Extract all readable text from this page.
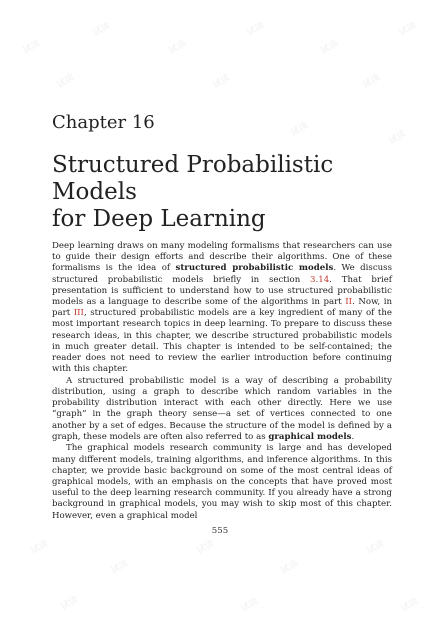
试读
试读
试读
试读
试读
试读
试读	试读	试读
试读	试读
试读
试读
试读
试读
试读
试读	试读	试读
Chapter 16
Structured Probabilistic Models
for Deep Learning

Deep learning draws on many modeling formalisms that researchers can use to guide their design efforts and describe their algorithms. One of these formalisms is the idea of structured probabilistic models. We discuss structured probabilistic models briefly in section 3.14. That brief presentation is sufficient to understand how to use structured probabilistic models as a language to describe some of the algorithms in part II. Now, in part III, structured probabilistic models are a key ingredient of many of the most important research topics in deep learning. To prepare to discuss these research ideas, in this chapter, we describe structured probabilistic models in much greater detail. This chapter is intended to be self-contained; the reader does not need to review the earlier introduction before continuing with this chapter.

A structured probabilistic model is a way of describing a probability distribution, using a graph to describe which random variables in the probability distribution interact with each other directly. Here we use “graph” in the graph theory sense—a set of vertices connected to one another by a set of edges. Because the structure of the model is defined by a graph, these models are often also referred to as graphical models.

The graphical models research community is large and has developed many different models, training algorithms, and inference algorithms. In this chapter, we provide basic background on some of the most central ideas of graphical models, with an emphasis on the concepts that have proved most useful to the deep learning research community. If you already have a strong background in graphical models, you may wish to skip most of this chapter. However, even a graphical model

555
